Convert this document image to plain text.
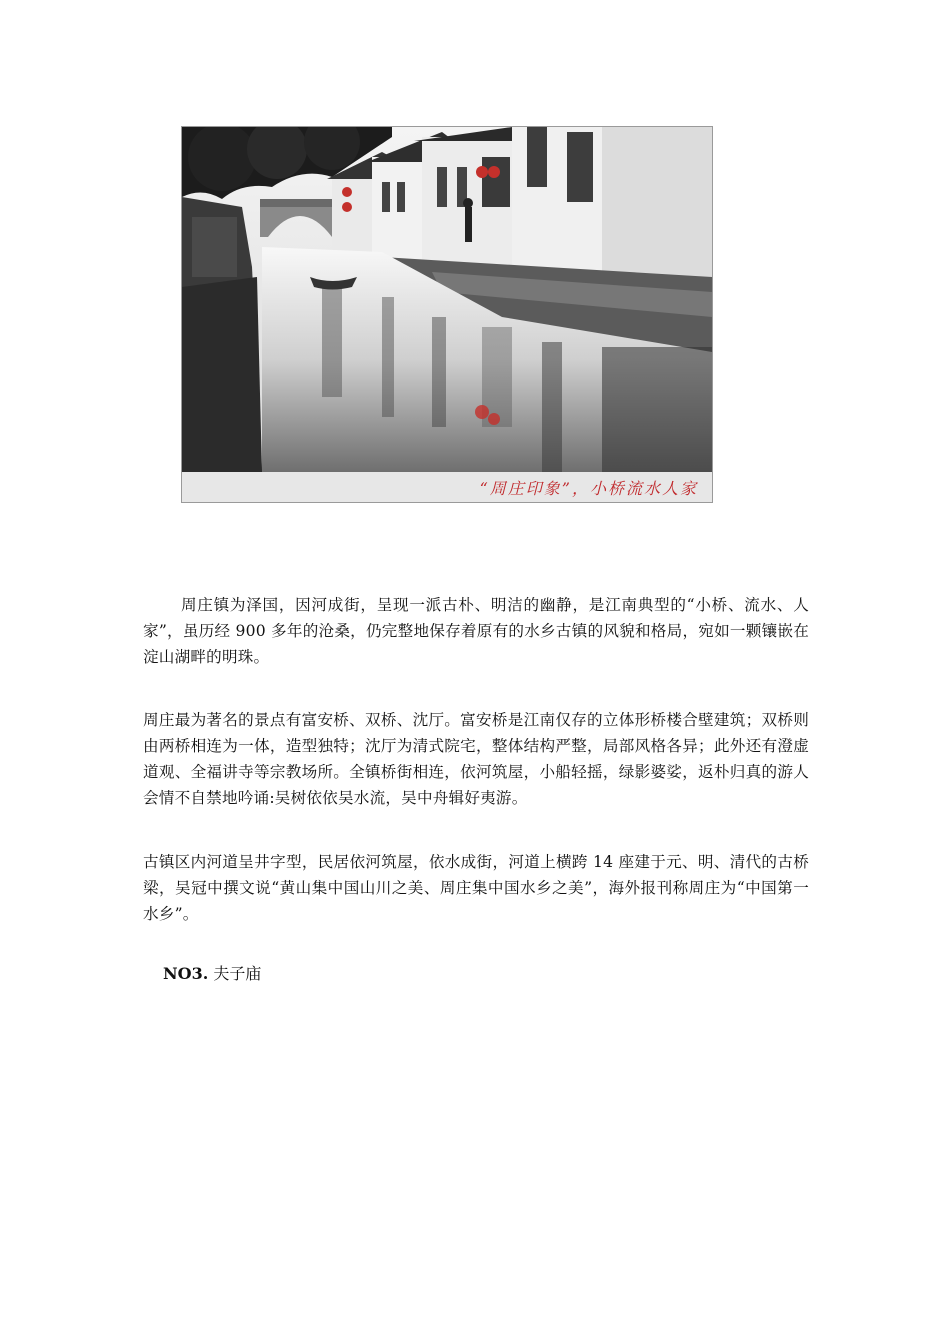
“周庄印象”，小桥流水人家

周庄镇为泽国，因河成街，呈现一派古朴、明洁的幽静，是江南典型的“小桥、流水、人家”，虽历经 900 多年的沧桑，仍完整地保存着原有的水乡古镇的风貌和格局，宛如一颗镶嵌在淀山湖畔的明珠。

周庄最为著名的景点有富安桥、双桥、沈厅。富安桥是江南仅存的立体形桥楼合壁建筑；双桥则由两桥相连为一体，造型独特；沈厅为清式院宅，整体结构严整，局部风格各异；此外还有澄虚道观、全福讲寺等宗教场所。全镇桥街相连，依河筑屋，小船轻摇，绿影婆娑，返朴归真的游人会情不自禁地吟诵:吴树依依吴水流，吴中舟辑好夷游。

古镇区内河道呈井字型，民居依河筑屋，依水成街，河道上横跨 14 座建于元、明、清代的古桥梁，吴冠中撰文说“黄山集中国山川之美、周庄集中国水乡之美”，海外报刊称周庄为“中国第一水乡”。

NO3. 夫子庙
